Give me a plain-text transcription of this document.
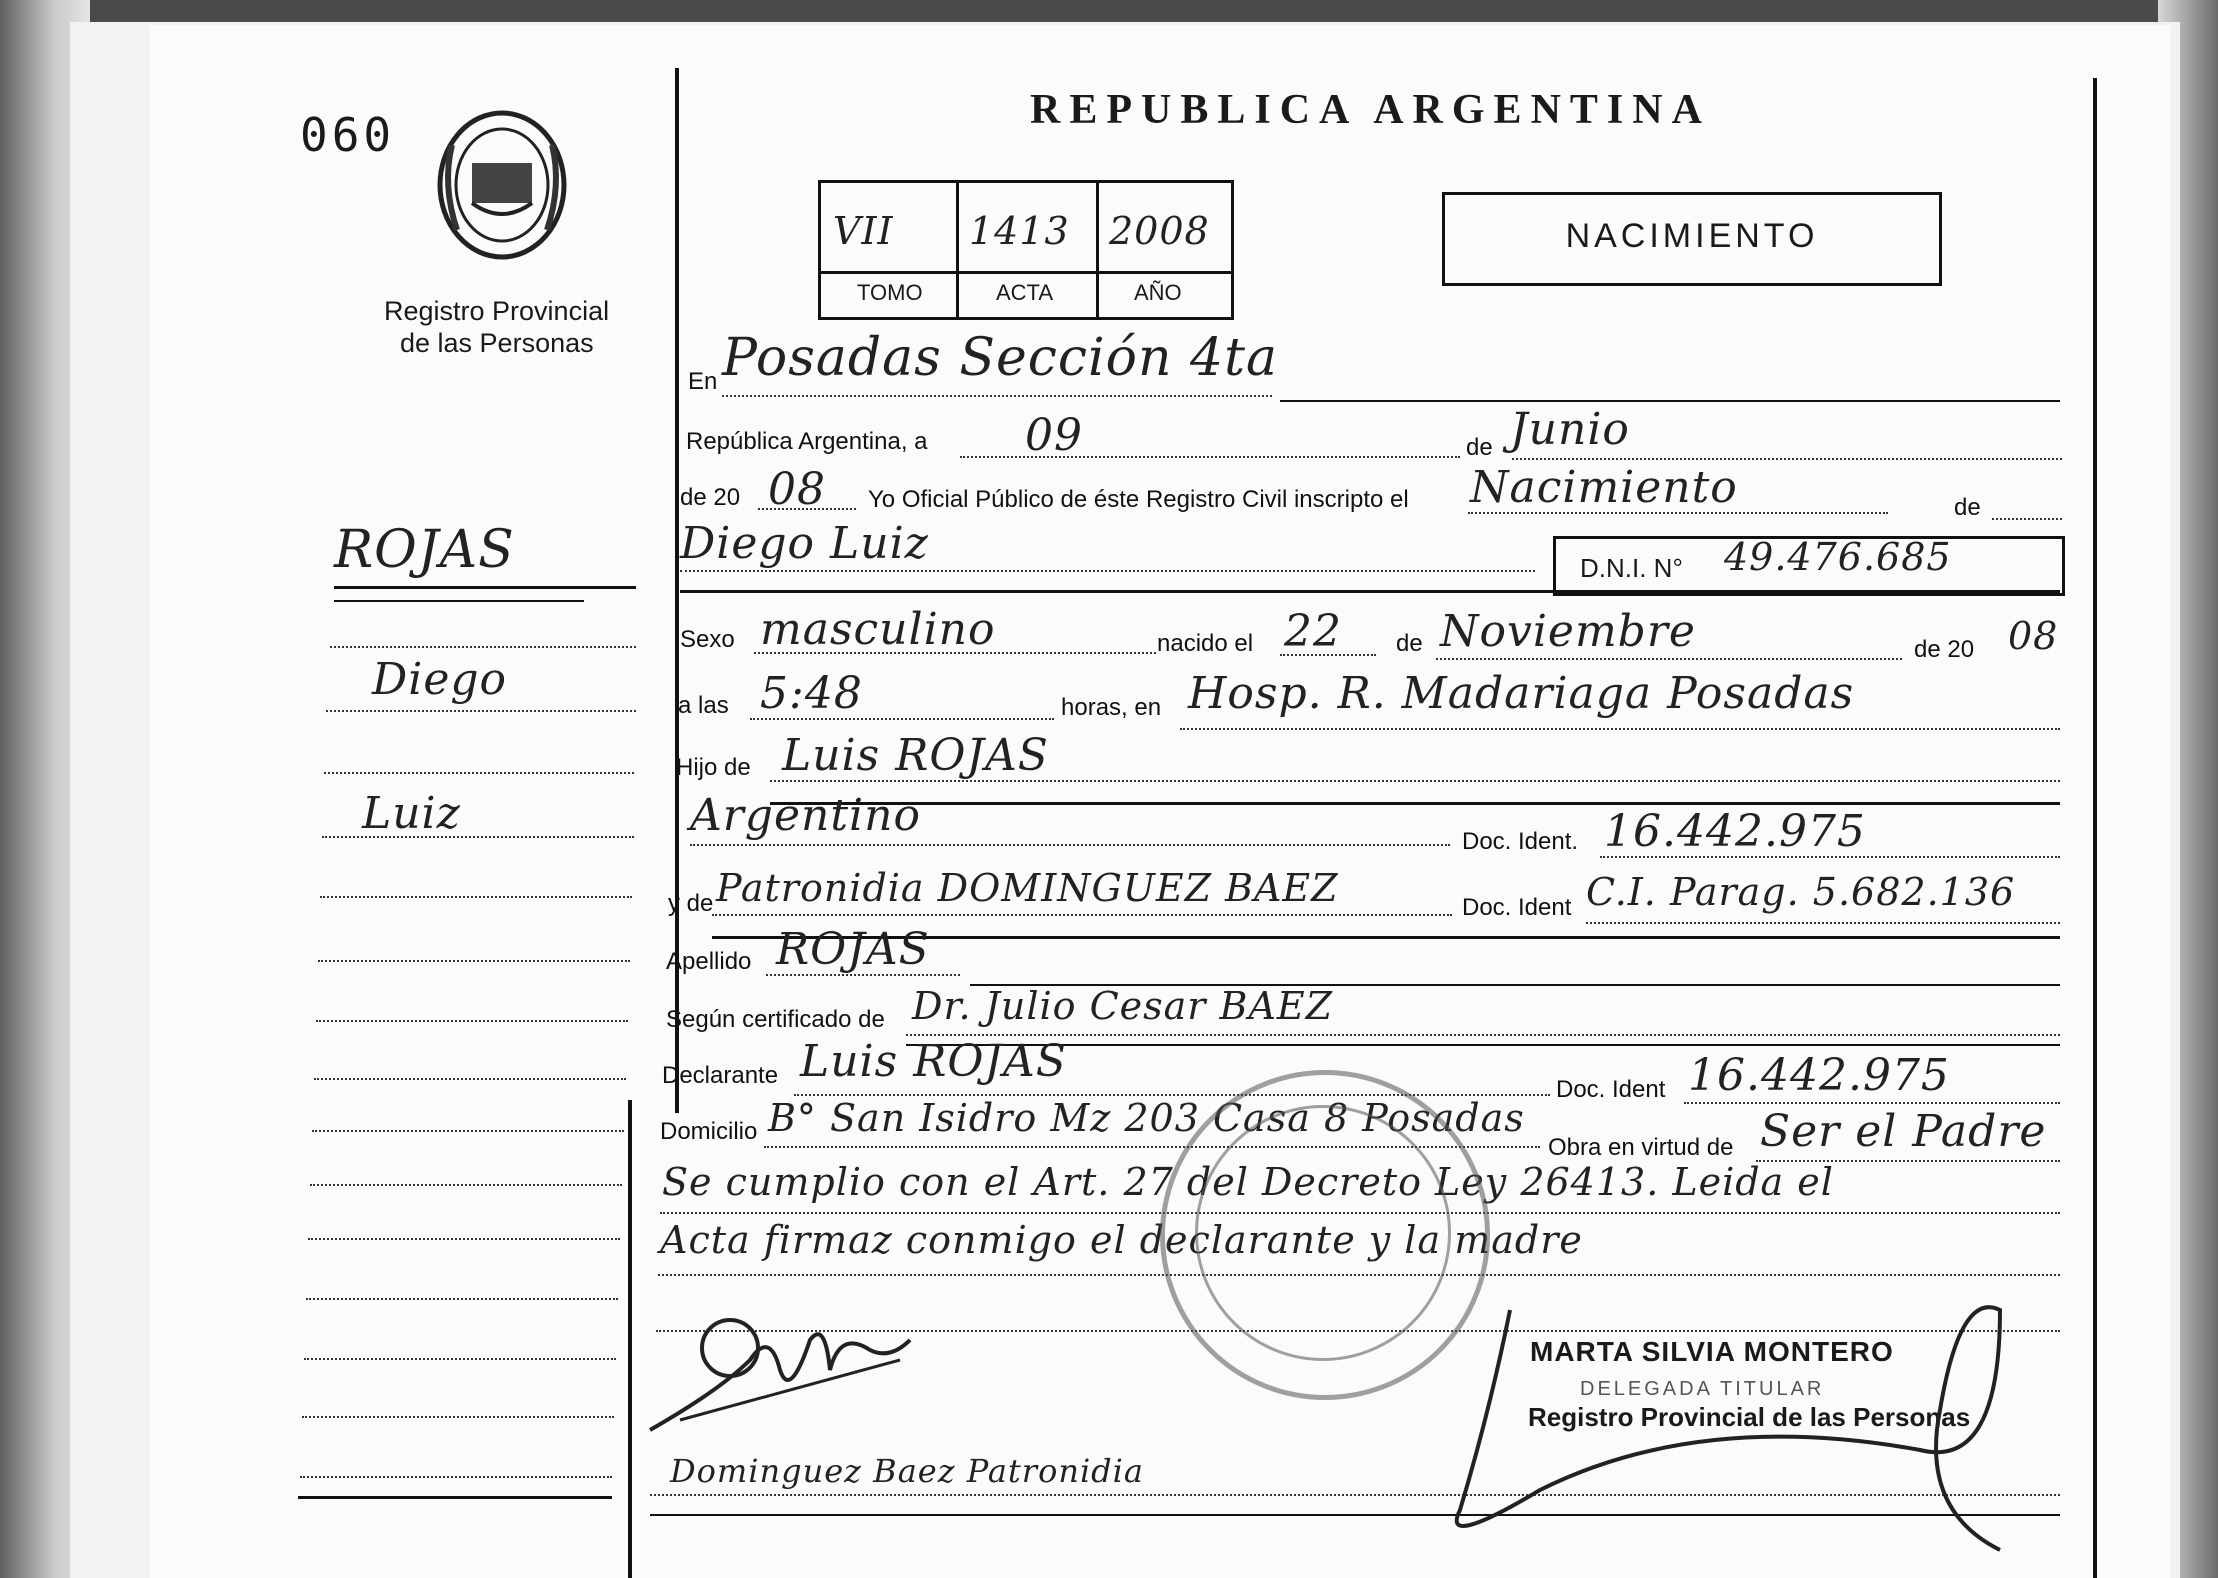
060
Registro Provincial
de las Personas
REPUBLICA ARGENTINA
VII 1413 2008
TOMO	ACTA	AÑO
NACIMIENTO
En Posadas Sección 4ta
República Argentina, a 09	de Junio
de 20 08 Yo Oficial Público de éste Registro Civil inscripto el Nacimiento	de
Diego Luiz	D.N.I. N° 49.476.685
Sexo masculino	nacido el 22 de Noviembre	de 20 08
a las 5:48	horas, en Hosp. R. Madariaga Posadas
Hijo de Luis ROJAS
Argentino
Doc. Ident. 16.442.975
y de Patronidia DOMINGUEZ BAEZ	Doc. Ident C.I. Parag. 5.682.136
Apellido ROJAS
Según certificado de Dr. Julio Cesar BAEZ
Declarante Luis ROJAS
Doc. Ident 16.442.975
Domicilio B° San Isidro Mz 203 Casa 8 Posadas
Obra en virtud de Ser el Padre
Se cumplio con el Art. 27 del Decreto Ley 26413. Leida el
Acta firmaz conmigo el declarante y la madre
Dominguez Baez Patronidia
MARTA SILVIA MONTERO
DELEGADA TITULAR
Registro Provincial de las Personas
ROJAS
Diego
Luiz
